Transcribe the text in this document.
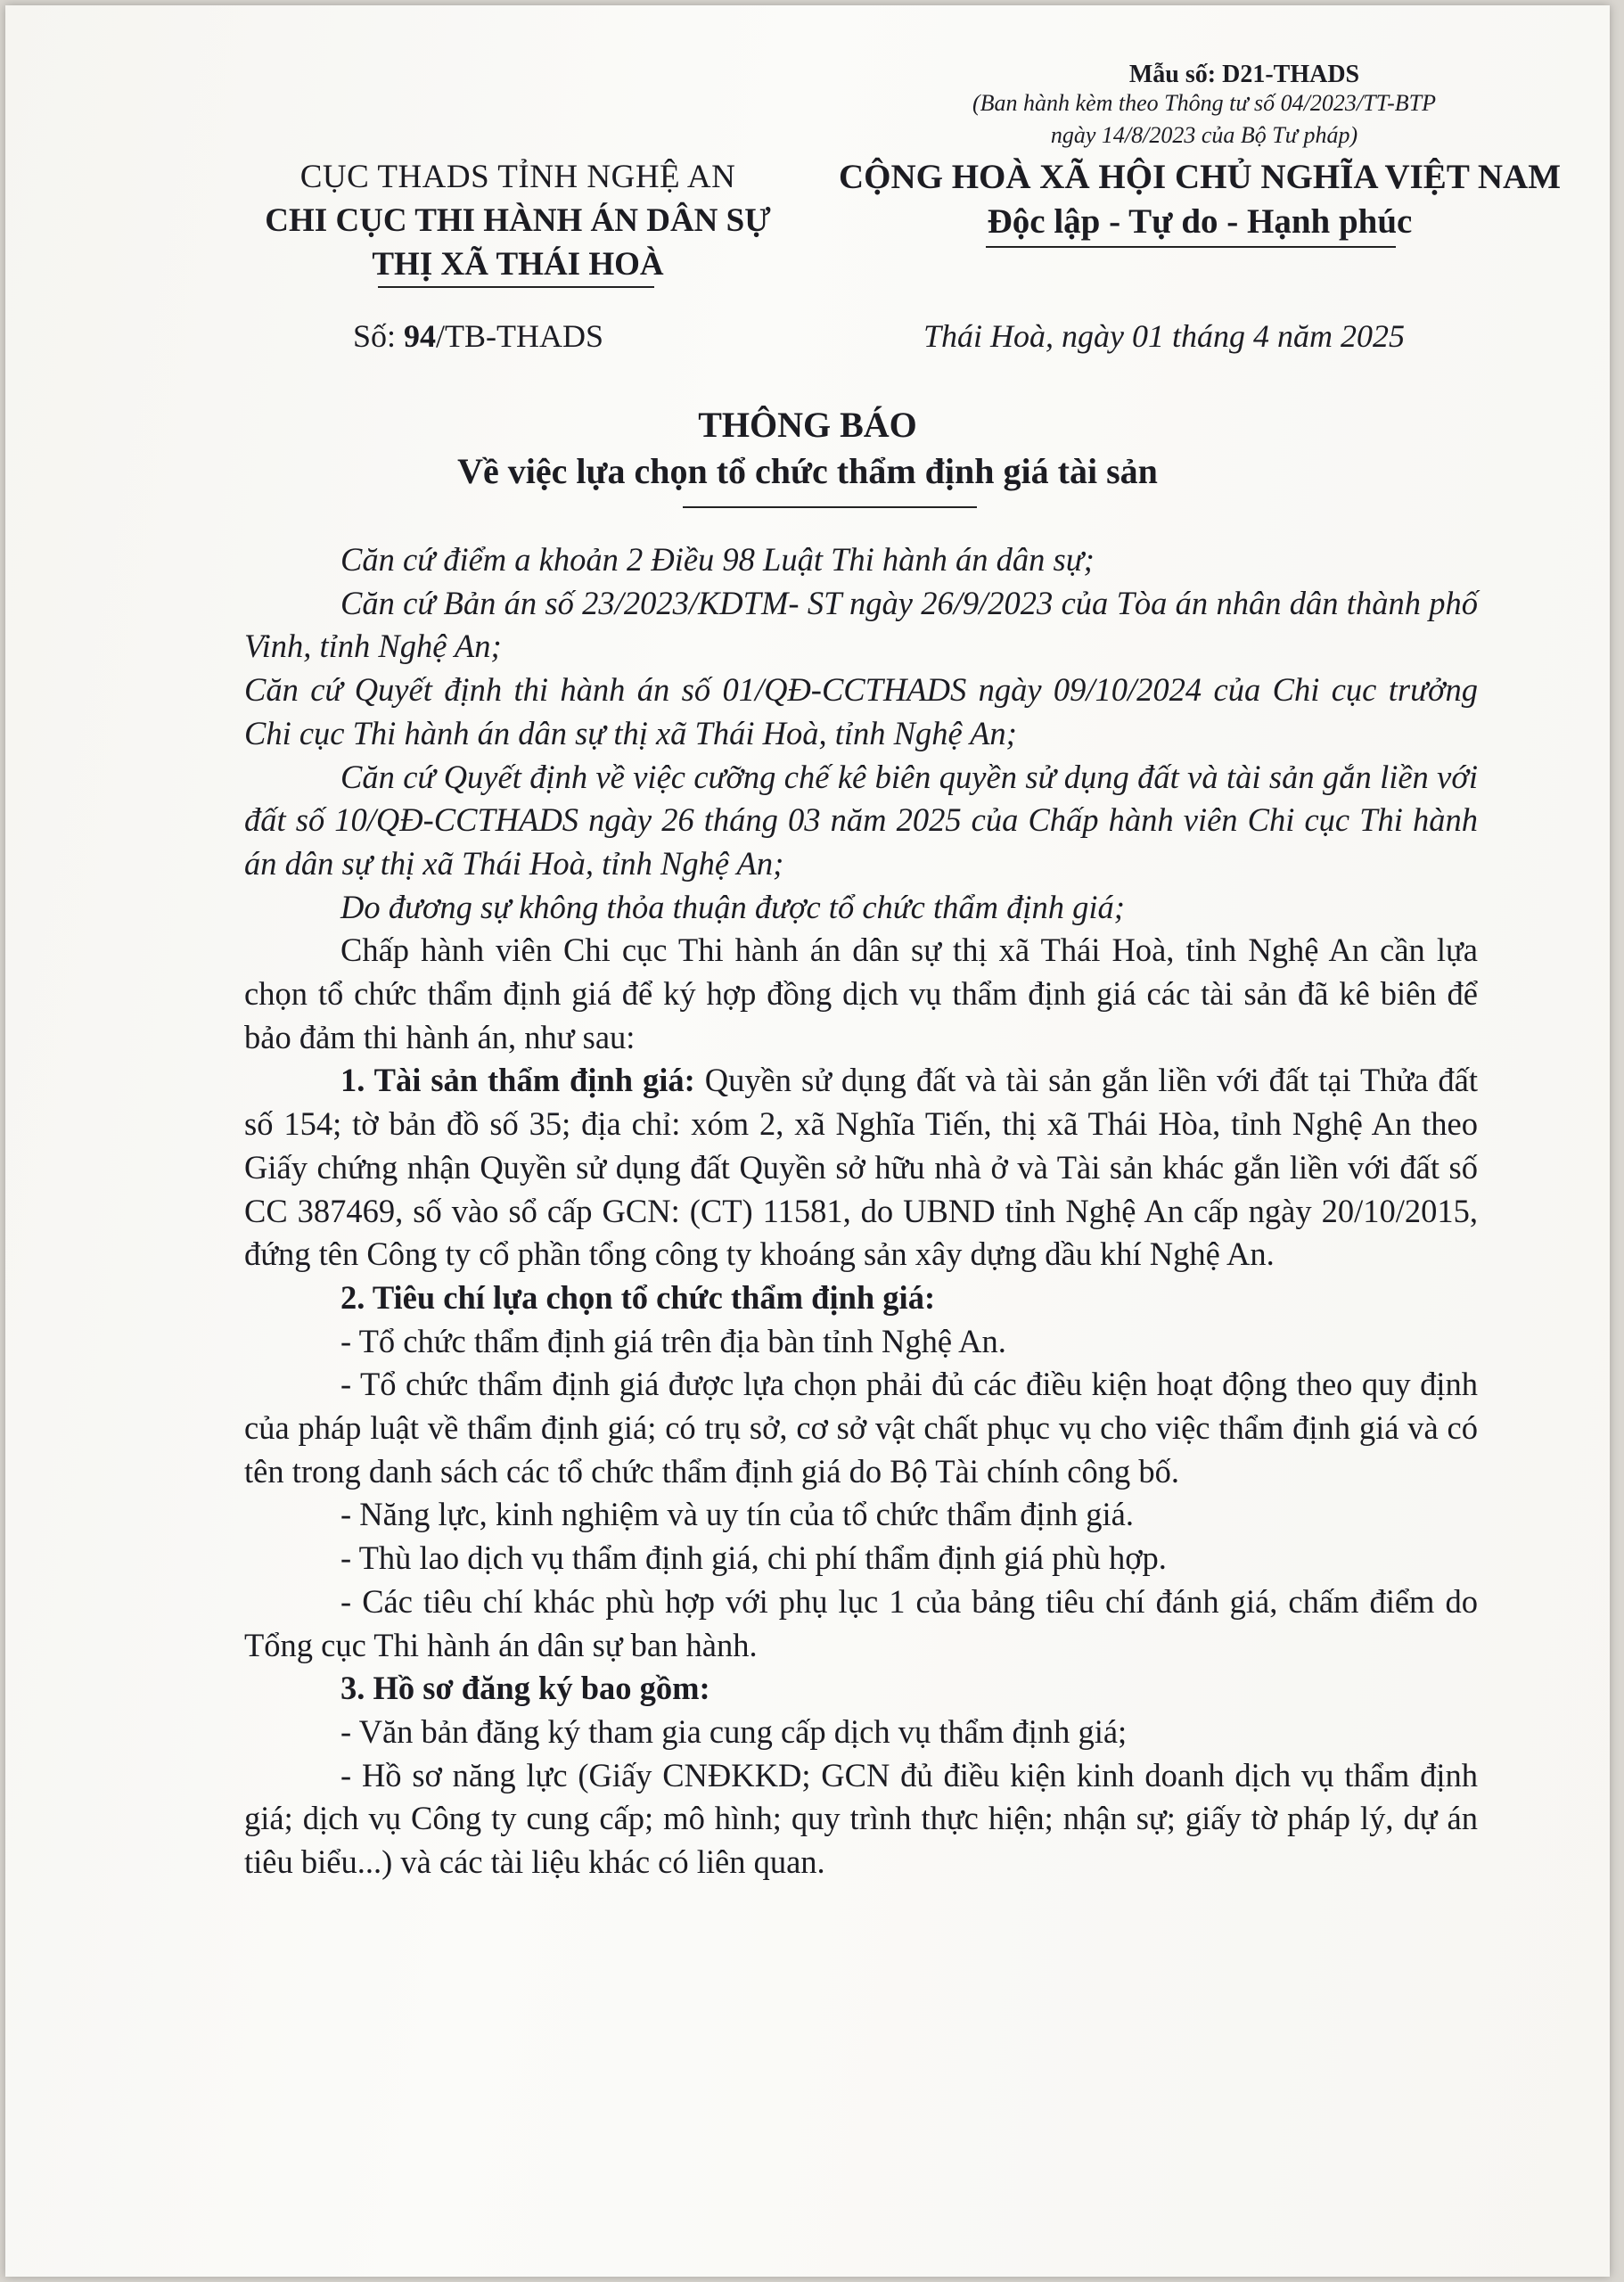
Mẫu số: D21-THADS
(Ban hành kèm theo Thông tư số 04/2023/TT-BTP
ngày 14/8/2023 của Bộ Tư pháp)
CỤC THADS TỈNH NGHỆ AN
CHI CỤC THI HÀNH ÁN DÂN SỰ
THỊ XÃ THÁI HOÀ
CỘNG HOÀ XÃ HỘI CHỦ NGHĨA VIỆT NAM
Độc lập - Tự do - Hạnh phúc
Số: 94/TB-THADS	Thái Hoà, ngày 01 tháng 4 năm 2025
THÔNG BÁO
Về việc lựa chọn tổ chức thẩm định giá tài sản

Căn cứ điểm a khoản 2 Điều 98 Luật Thi hành án dân sự;

Căn cứ Bản án số 23/2023/KDTM- ST ngày 26/9/2023 của Tòa án nhân dân thành phố Vinh, tỉnh Nghệ An;

Căn cứ Quyết định thi hành án số 01/QĐ-CCTHADS ngày 09/10/2024 của Chi cục trưởng Chi cục Thi hành án dân sự thị xã Thái Hoà, tỉnh Nghệ An;

Căn cứ Quyết định về việc cưỡng chế kê biên quyền sử dụng đất và tài sản gắn liền với đất số 10/QĐ-CCTHADS ngày 26 tháng 03 năm 2025 của Chấp hành viên Chi cục Thi hành án dân sự thị xã Thái Hoà, tỉnh Nghệ An;

Do đương sự không thỏa thuận được tổ chức thẩm định giá;

Chấp hành viên Chi cục Thi hành án dân sự thị xã Thái Hoà, tỉnh Nghệ An cần lựa chọn tổ chức thẩm định giá để ký hợp đồng dịch vụ thẩm định giá các tài sản đã kê biên để bảo đảm thi hành án, như sau:

1. Tài sản thẩm định giá: Quyền sử dụng đất và tài sản gắn liền với đất tại Thửa đất số 154; tờ bản đồ số 35; địa chỉ: xóm 2, xã Nghĩa Tiến, thị xã Thái Hòa, tỉnh Nghệ An theo Giấy chứng nhận Quyền sử dụng đất Quyền sở hữu nhà ở và Tài sản khác gắn liền với đất số CC 387469, số vào sổ cấp GCN: (CT) 11581, do UBND tỉnh Nghệ An cấp ngày 20/10/2015, đứng tên Công ty cổ phần tổng công ty khoáng sản xây dựng dầu khí Nghệ An.

2. Tiêu chí lựa chọn tổ chức thẩm định giá:

- Tổ chức thẩm định giá trên địa bàn tỉnh Nghệ An.

- Tổ chức thẩm định giá được lựa chọn phải đủ các điều kiện hoạt động theo quy định của pháp luật về thẩm định giá; có trụ sở, cơ sở vật chất phục vụ cho việc thẩm định giá và có tên trong danh sách các tổ chức thẩm định giá do Bộ Tài chính công bố.

- Năng lực, kinh nghiệm và uy tín của tổ chức thẩm định giá.

- Thù lao dịch vụ thẩm định giá, chi phí thẩm định giá phù hợp.

- Các tiêu chí khác phù hợp với phụ lục 1 của bảng tiêu chí đánh giá, chấm điểm do Tổng cục Thi hành án dân sự ban hành.

3. Hồ sơ đăng ký bao gồm:

- Văn bản đăng ký tham gia cung cấp dịch vụ thẩm định giá;

- Hồ sơ năng lực (Giấy CNĐKKD; GCN đủ điều kiện kinh doanh dịch vụ thẩm định giá; dịch vụ Công ty cung cấp; mô hình; quy trình thực hiện; nhận sự; giấy tờ pháp lý, dự án tiêu biểu...) và các tài liệu khác có liên quan.
